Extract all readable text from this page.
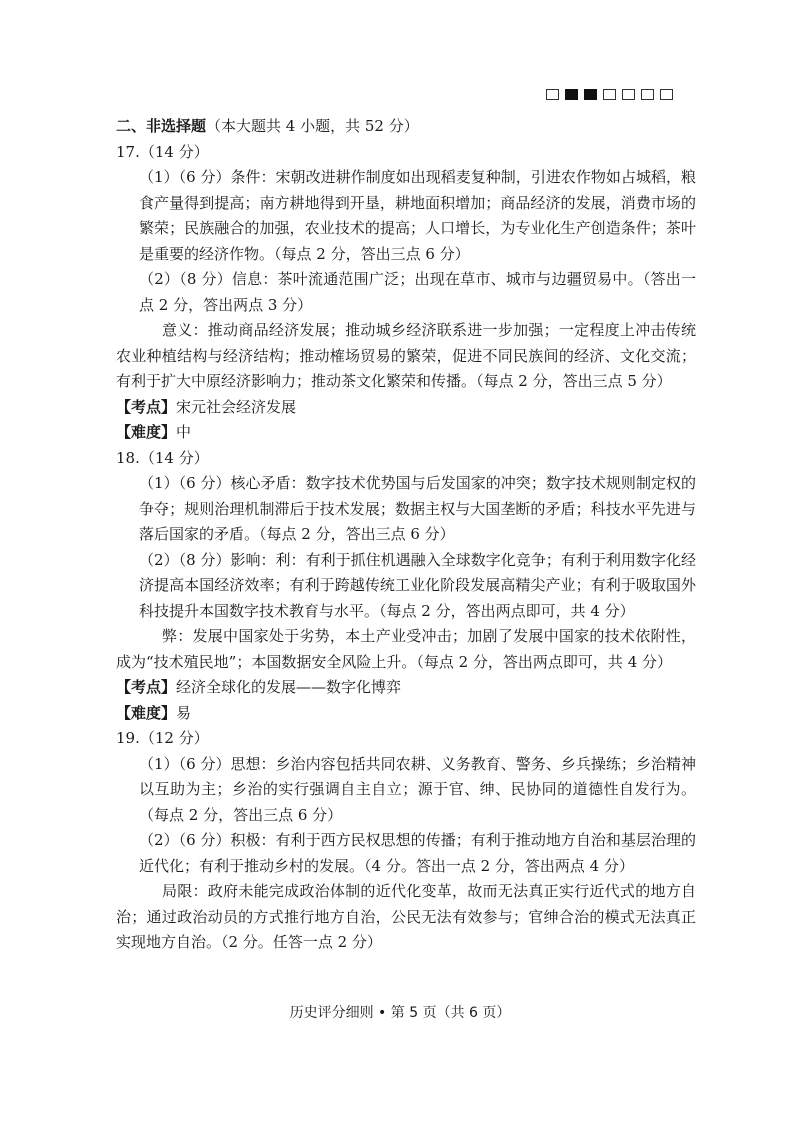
二、非选择题（本大题共 4 小题，共 52 分）

17.（14 分）

（1）（6 分）条件：宋朝改进耕作制度如出现稻麦复种制，引进农作物如占城稻，粮食产量得到提高；南方耕地得到开垦，耕地面积增加；商品经济的发展，消费市场的繁荣；民族融合的加强，农业技术的提高；人口增长，为专业化生产创造条件；茶叶是重要的经济作物。（每点 2 分，答出三点 6 分）

（2）（8 分）信息：茶叶流通范围广泛；出现在草市、城市与边疆贸易中。（答出一点 2 分，答出两点 3 分）

意义：推动商品经济发展；推动城乡经济联系进一步加强；一定程度上冲击传统农业种植结构与经济结构；推动榷场贸易的繁荣，促进不同民族间的经济、文化交流；有利于扩大中原经济影响力；推动茶文化繁荣和传播。（每点 2 分，答出三点 5 分）

【考点】宋元社会经济发展

【难度】中

18.（14 分）

（1）（6 分）核心矛盾：数字技术优势国与后发国家的冲突；数字技术规则制定权的争夺；规则治理机制滞后于技术发展；数据主权与大国垄断的矛盾；科技水平先进与落后国家的矛盾。（每点 2 分，答出三点 6 分）

（2）（8 分）影响：利：有利于抓住机遇融入全球数字化竞争；有利于利用数字化经济提高本国经济效率；有利于跨越传统工业化阶段发展高精尖产业；有利于吸取国外科技提升本国数字技术教育与水平。（每点 2 分，答出两点即可，共 4 分）

弊：发展中国家处于劣势，本土产业受冲击；加剧了发展中国家的技术依附性，成为“技术殖民地”；本国数据安全风险上升。（每点 2 分，答出两点即可，共 4 分）

【考点】经济全球化的发展——数字化博弈

【难度】易

19.（12 分）

（1）（6 分）思想：乡治内容包括共同农耕、义务教育、警务、乡兵操练；乡治精神以互助为主；乡治的实行强调自主自立；源于官、绅、民协同的道德性自发行为。（每点 2 分，答出三点 6 分）

（2）（6 分）积极：有利于西方民权思想的传播；有利于推动地方自治和基层治理的近代化；有利于推动乡村的发展。（4 分。答出一点 2 分，答出两点 4 分）

局限：政府未能完成政治体制的近代化变革，故而无法真正实行近代式的地方自治；通过政治动员的方式推行地方自治，公民无法有效参与；官绅合治的模式无法真正实现地方自治。（2 分。任答一点 2 分）

历史评分细则 • 第 5 页（共 6 页）
